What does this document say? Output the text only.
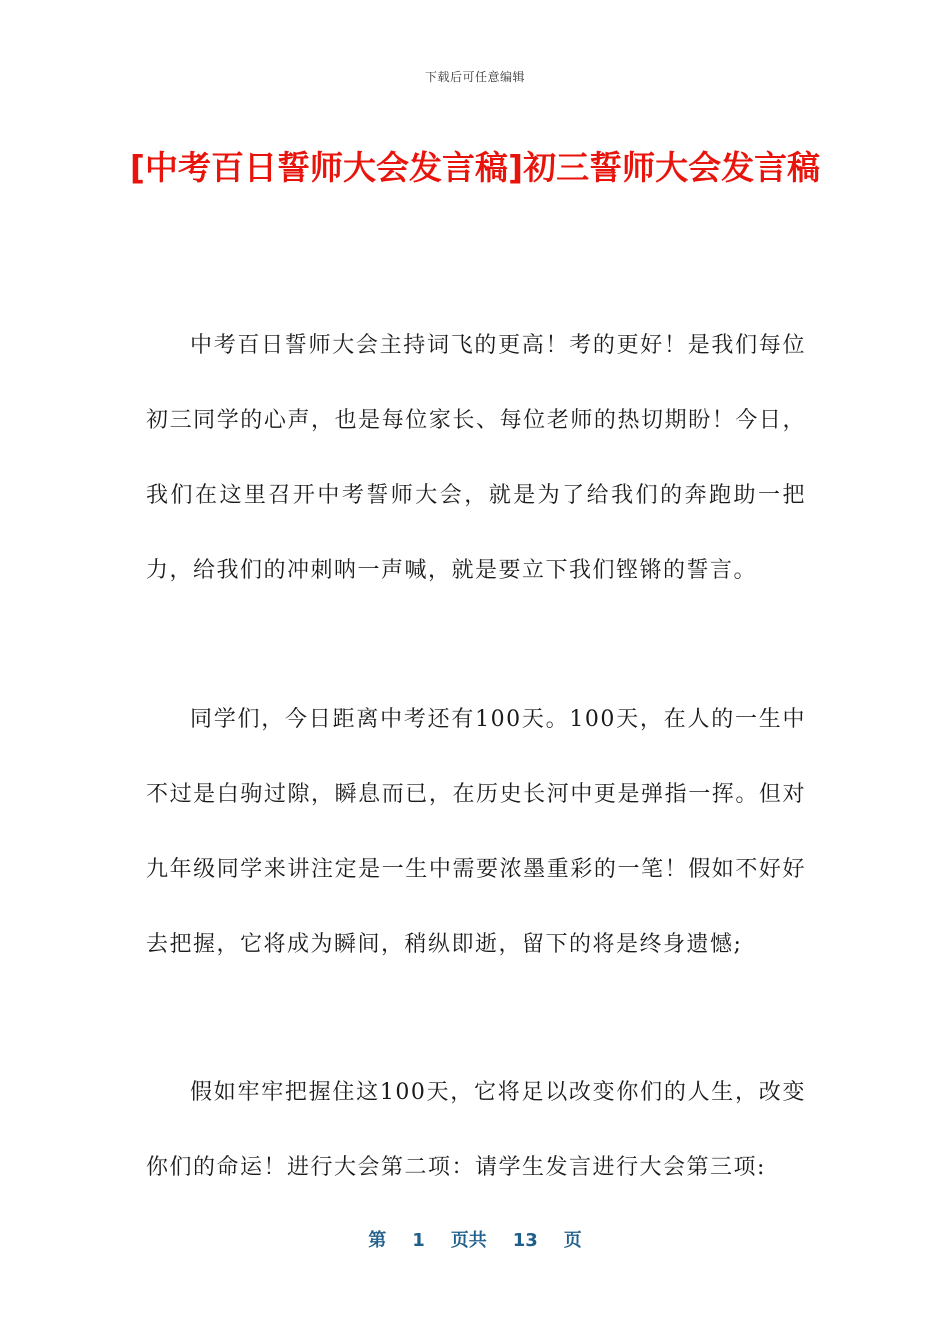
下载后可任意编辑
[中考百日誓师大会发言稿]初三誓师大会发言稿

中考百日誓师大会主持词飞的更高！考的更好！是我们每位初三同学的心声，也是每位家长、每位老师的热切期盼！今日，我们在这里召开中考誓师大会，就是为了给我们的奔跑助一把力，给我们的冲刺呐一声喊，就是要立下我们铿锵的誓言。

同学们，今日距离中考还有100天。100天，在人的一生中不过是白驹过隙，瞬息而已，在历史长河中更是弹指一挥。但对九年级同学来讲注定是一生中需要浓墨重彩的一笔！假如不好好去把握，它将成为瞬间，稍纵即逝，留下的将是终身遗憾;

假如牢牢把握住这100天，它将足以改变你们的人生，改变你们的命运！进行大会第二项：请学生发言进行大会第三项:

第 1 页共 13 页
